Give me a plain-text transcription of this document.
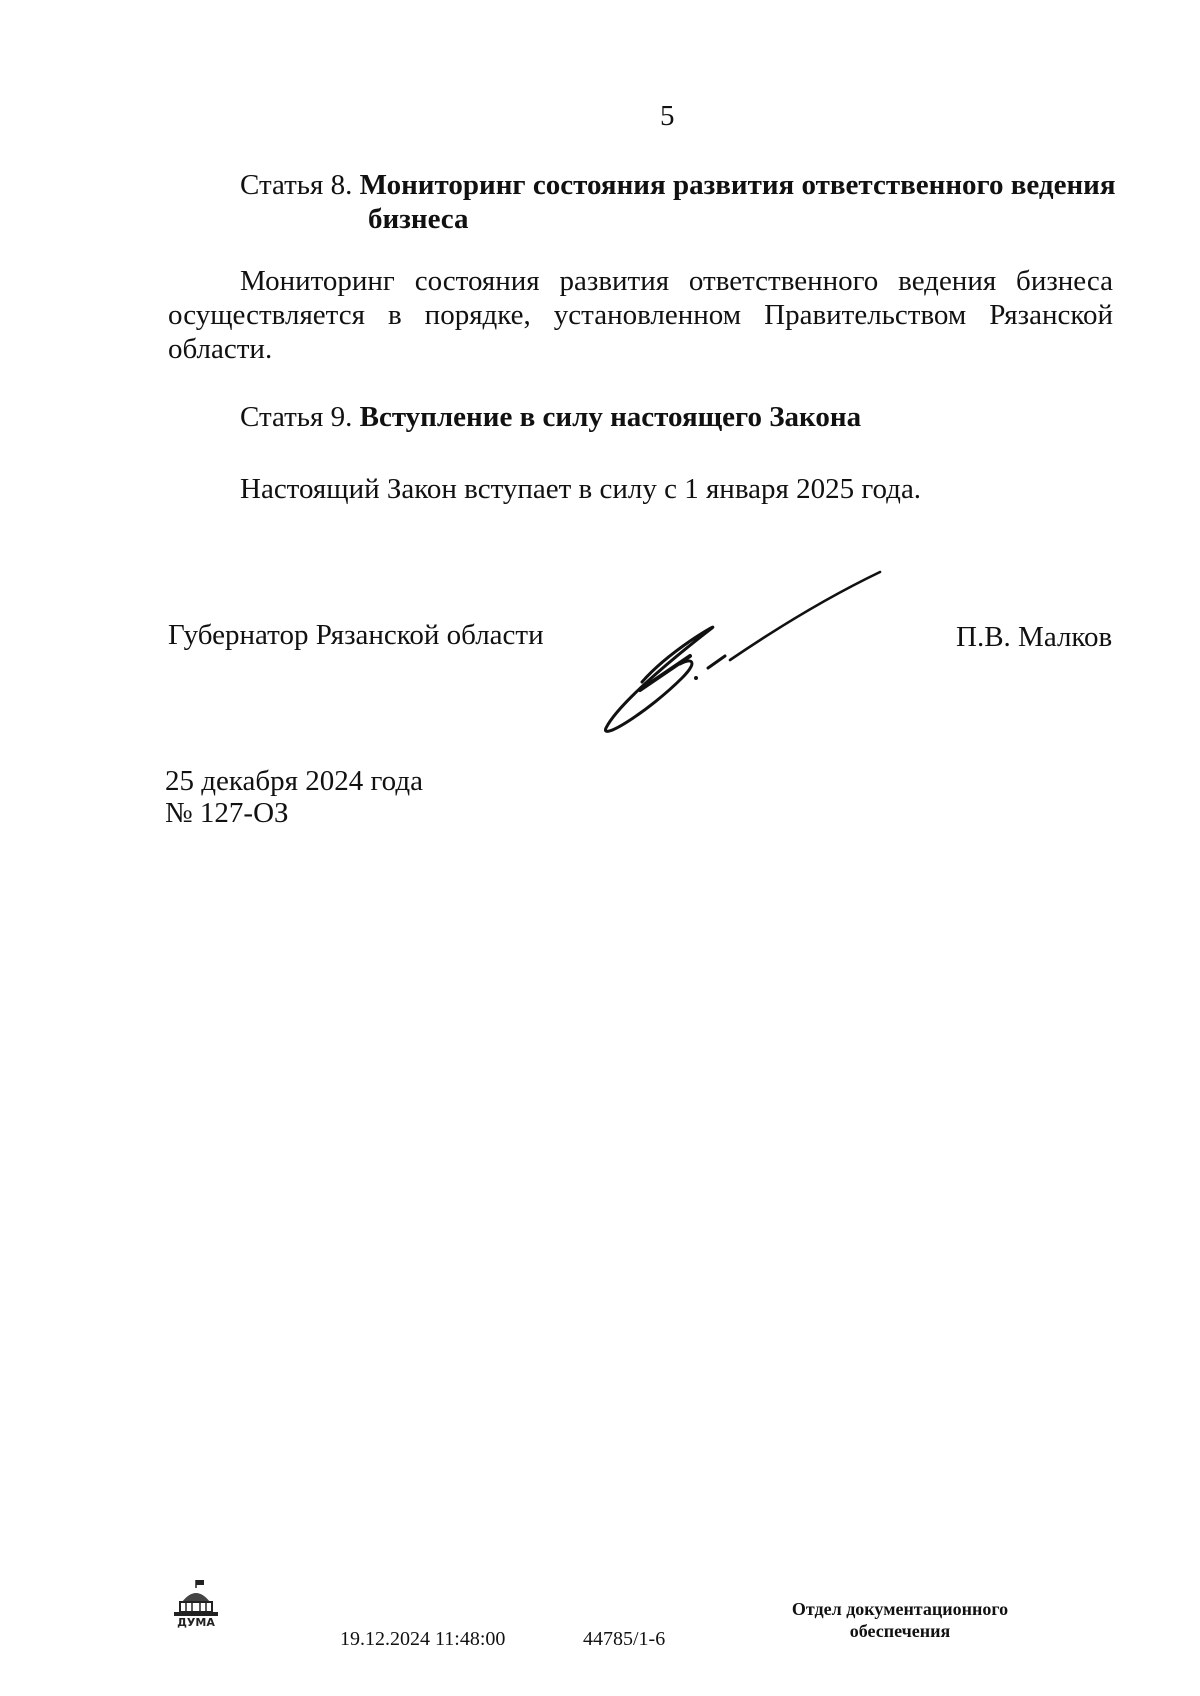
5
Статья 8. Мониторинг состояния развития ответственного ведения
бизнеса
Мониторинг состояния развития ответственного ведения бизнеса осуществляется в порядке, установленном Правительством Рязанской
области.
Статья 9. Вступление в силу настоящего Закона
Настоящий Закон вступает в силу с 1 января 2025 года.
Губернатор Рязанской области	П.В. Малков
25 декабря 2024 года
№ 127-ОЗ
ДУМА
19.12.2024 11:48:00	44785/1-6
Отдел документационного
обеспечения
